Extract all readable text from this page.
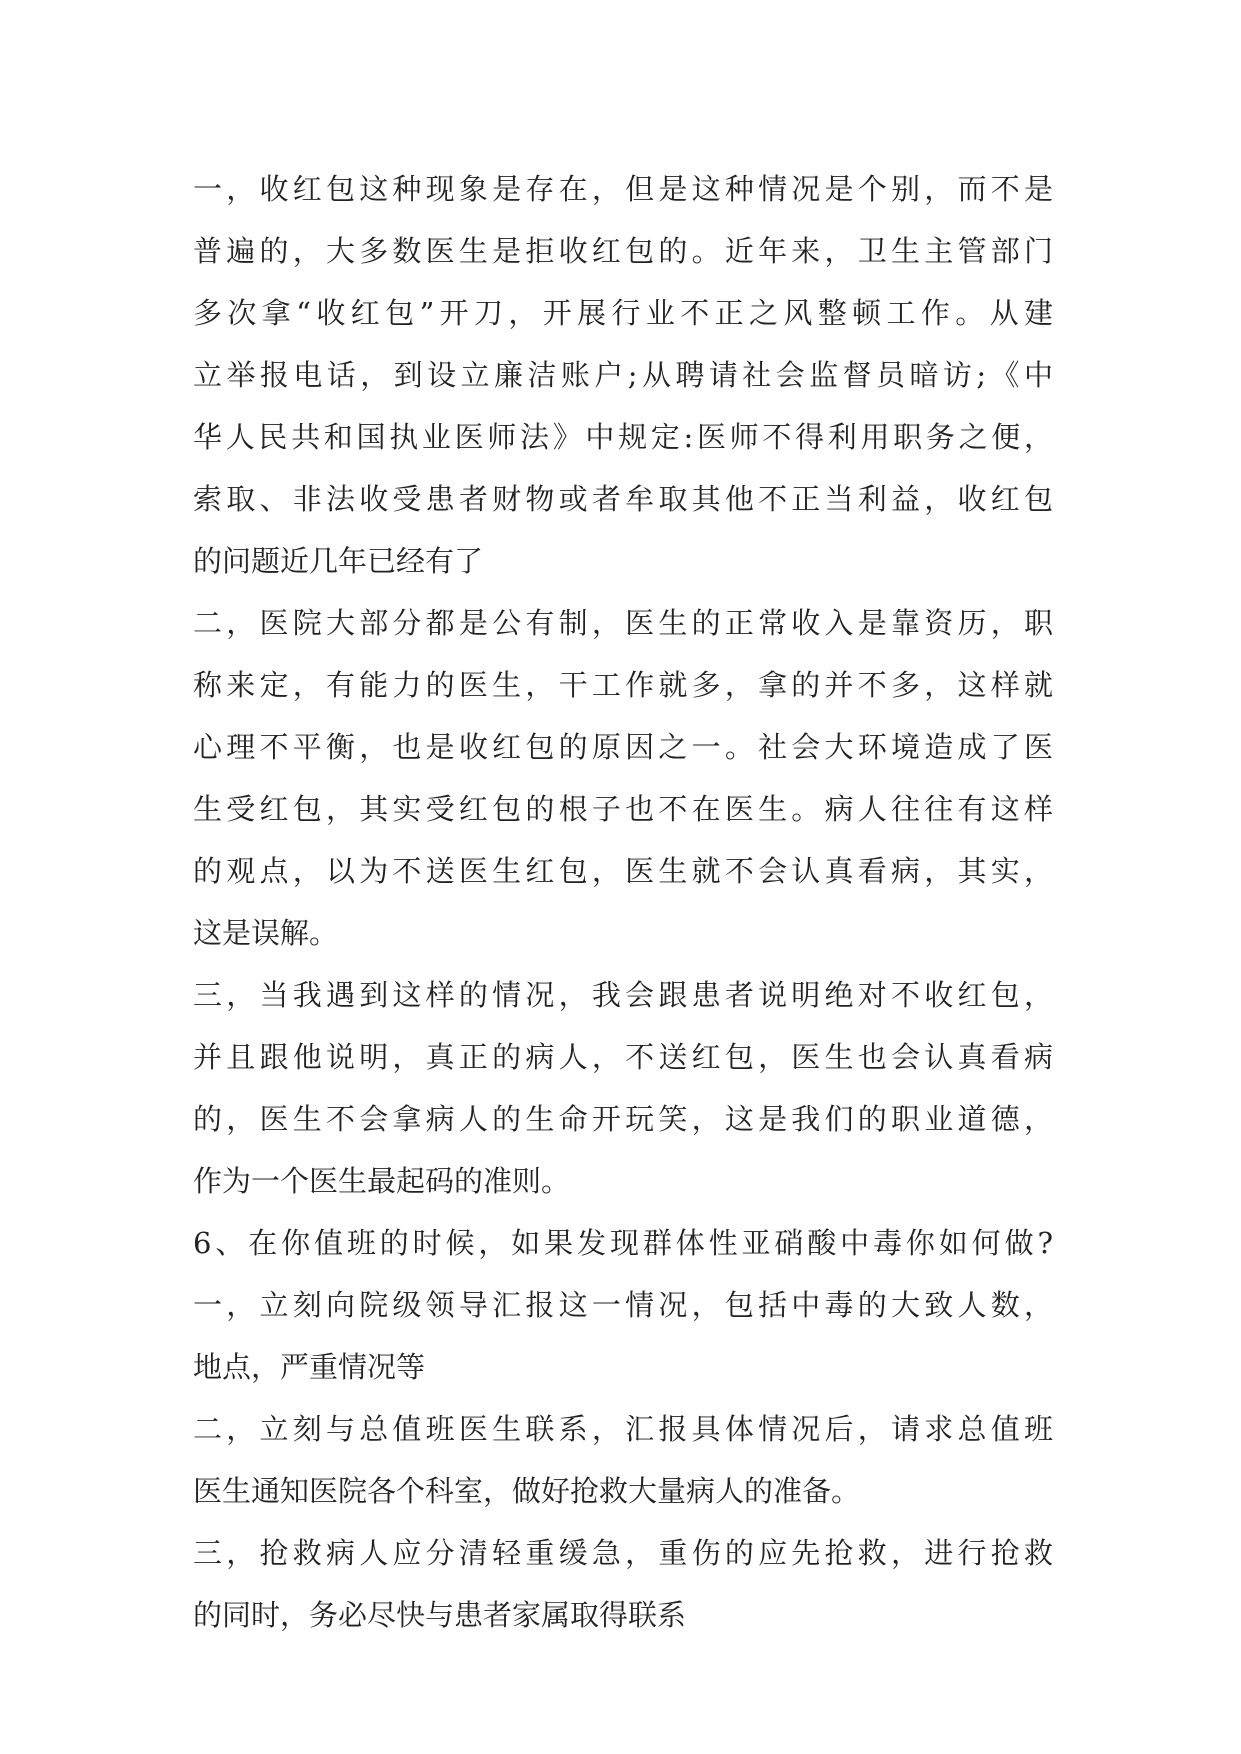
一，收红包这种现象是存在，但是这种情况是个别，而不是
普遍的，大多数医生是拒收红包的。近年来，卫生主管部门
多次拿“收红包”开刀，开展行业不正之风整顿工作。从建
立举报电话，到设立廉洁账户;从聘请社会监督员暗访;《中
华人民共和国执业医师法》中规定:医师不得利用职务之便，
索取、非法收受患者财物或者牟取其他不正当利益，收红包
的问题近几年已经有了
二，医院大部分都是公有制，医生的正常收入是靠资历，职
称来定，有能力的医生，干工作就多，拿的并不多，这样就
心理不平衡，也是收红包的原因之一。社会大环境造成了医
生受红包，其实受红包的根子也不在医生。病人往往有这样
的观点，以为不送医生红包，医生就不会认真看病，其实，
这是误解。
三，当我遇到这样的情况，我会跟患者说明绝对不收红包，
并且跟他说明，真正的病人，不送红包，医生也会认真看病
的，医生不会拿病人的生命开玩笑，这是我们的职业道德，
作为一个医生最起码的准则。
6、在你值班的时候，如果发现群体性亚硝酸中毒你如何做?
一，立刻向院级领导汇报这一情况，包括中毒的大致人数，
地点，严重情况等
二，立刻与总值班医生联系，汇报具体情况后，请求总值班
医生通知医院各个科室，做好抢救大量病人的准备。
三，抢救病人应分清轻重缓急，重伤的应先抢救，进行抢救
的同时，务必尽快与患者家属取得联系
